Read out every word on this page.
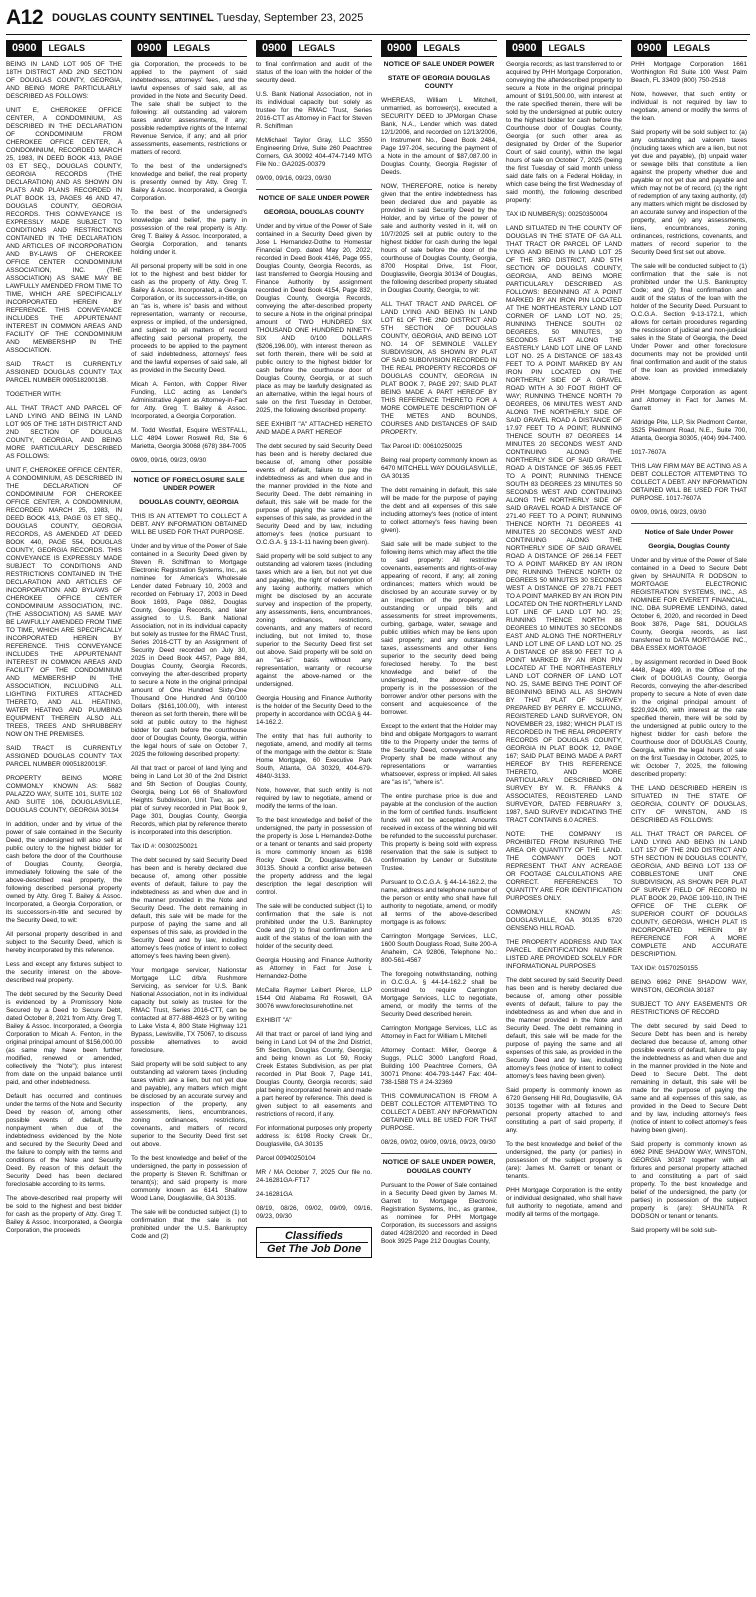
A12 DOUGLAS COUNTY SENTINEL Tuesday, September 23, 2025
0900	LEGALS

BEING IN LAND LOT 905 OF THE 18TH DISTRICT AND 2ND SECTION OF DOUGLAS COUNTY, GEORGIA, AND BEING MORE PARTICULARLY DESCRIBED AS FOLLOWS:

UNIT E, CHEROKEE OFFICE CENTER, A CONDOMINIUM, AS DESCRIBED IN THE DECLARATION OF CONDOMINIUM FROM CHEROKEE OFFICE CENTER, A CONDOMINIUM, RECORDED MARCH 25, 1983, IN DEED BOOK 413, PAGE 03 ET SEQ., DOUGLAS COUNTY, GEORGIA RECORDS (THE DECLARATION) AND AS SHOWN ON PLATS AND PLANS RECORDED IN PLAT BOOK 13, PAGES 46 AND 47, DOUGLAS COUNTY, GEORGIA RECORDS. THIS CONVEYANCE IS EXPRESSLY MADE SUBJECT TO CONDITIONS AND RESTRICTIONS CONTAINED IN THE DECLARATION AND ARTICLES OF INCORPORATION AND BY-LAWS OF CHEROKEE OFFICE CENTER CONDOMINIUM ASSOCIATION, INC. (THE ASSOCIATION) AS SAME MAY BE LAWFULLY AMENDED FROM TIME TO TIME, WHICH ARE SPECIFICALLY INCORPORATED HEREIN BY REFERENCE. THIS CONVEYANCE INCLUDES THE APPURTENANT INTEREST IN COMMON AREAS AND FACILITY OF THE CONDOMINIUM AND MEMBERSHIP IN THE ASSOCIATION.

SAID TRACT IS CURRENTLY ASSIGNED DOUGLAS COUNTY TAX PARCEL NUMBER 09051820013B.

TOGETHER WITH:

ALL THAT TRACT AND PARCEL OF LAND LYING AND BEING IN LAND LOT 905 OF THE 18TH DISTRICT AND 2ND SECTION OF DOUGLAS COUNTY, GEORGIA, AND BEING MORE PARTICULARLY DESCRIBED AS FOLLOWS:

UNIT F, CHEROKEE OFFICE CENTER, A CONDOMINIUM, AS DESCRIBED IN THE DECLARATION OF CONDOMINIUM FOR CHEROKEE OFFICE CENTER, A CONDOMINIUM, RECORDED MARCH 25, 1983, IN DEED BOOK 413, PAGE 03 ET SEQ., DOUGLAS COUNTY, GEORGIA RECORDS, AS AMENDED AT DEED BOOK 440, PAGE 554, DOUGLAS COUNTY, GEORGIA RECORDS. THIS CONVEYANCE IS EXPRESSLY MADE SUBJECT TO CONDITIONS AND RESTRICTIONS CONTAINED IN THE DECLARATION AND ARTICLES OF INCORPORATION AND BYLAWS OF CHEROKEE OFFICE CENTER CONDOMINIUM ASSOCIATION, INC. (THE ASSOCIATION) AS SAME MAY BE LAWFULLY AMENDED FROM TIME TO TIME, WHICH ARE SPECIFICALLY INCORPORATED HEREIN BY REFERENCE. THIS CONVEYANCE INCLUDES THE APPURTENANT INTEREST IN COMMON AREAS AND FACILITY OF THE CONDOMINIUM AND MEMBERSHIP IN THE ASSOCIATION, INCLUDING ALL LIGHTING FIXTURES ATTACHED THERETO, AND ALL HEATING, WATER HEATING AND PLUMBING EQUIPMENT THEREIN ALSO ALL TREES, TREES AND SHRUBBERY NOW ON THE PREMISES.

SAID TRACT IS CURRENTLY ASSIGNED DOUGLAS COUNTY TAX PARCEL NUMBER 09051820013F.

PROPERTY BEING MORE COMMONLY KNOWN AS: 5682 PALAZZO WAY, SUITE 101, SUITE 102 AND SUITE 106, DOUGLASVILLE, DOUGLAS COUNTY, GEORGIA 30134

In addition, under and by virtue of the power of sale contained in the Security Deed, the undersigned will also sell at public outcry to the highest bidder for cash before the door of the Courthouse of Douglas County, Georgia, immediately following the sale of the above-described real property, the following described personal property owned by Atty. Greg T. Bailey & Assoc. Incorporated, a Georgia Corporation, or its successors-in-title and secured by the Security Deed, to wit:

All personal property described in and subject to the Security Deed, which is hereby incorporated by this reference.

Less and except any fixtures subject to the security interest on the above-described real property.

The debt secured by the Security Deed is evidenced by a Promissory Note Secured by a Deed to Secure Debt, dated October 8, 2021 from Atty. Greg T. Bailey & Assoc. Incorporated, a Georgia Corporation to Micah A. Fenton, in the original principal amount of $156,000.00 (as same may have been further modified, renewed or amended, collectively the "Note"); plus interest from date on the unpaid balance until paid, and other indebtedness.

Default has occurred and continues under the terms of the Note and Security Deed by reason of, among other possible events of default, the nonpayment when due of the indebtedness evidenced by the Note and secured by the Security Deed and the failure to comply with the terms and conditions of the Note and Security Deed. By reason of this default the Security Deed has been declared foreclosable according to its terms.

The above-described real property will be sold to the highest and best bidder for cash as the property of Atty. Greg T. Bailey & Assoc. Incorporated, a Georgia Corporation, the proceeds

0900	LEGALS

gia Corporation, the proceeds to be applied to the payment of said indebtedness, attorneys' fees, and the lawful expenses of said sale, all as provided in the Note and Security Deed. The sale shall be subject to the following: all outstanding ad valorem taxes and/or assessments, if any; possible redemptive rights of the Internal Revenue Service, if any; and all prior assessments, easements, restrictions or matters of record.

To the best of the undersigned's knowledge and belief, the real property is presently owned by Atty. Greg T. Bailey & Assoc. Incorporated, a Georgia Corporation.

To the best of the undersigned's knowledge and belief, the party in possession of the real property is Atty. Greg T. Bailey & Assoc. Incorporated, a Georgia Corporation, and tenants holding under it.

All personal property will be sold in one lot to the highest and best bidder for cash as the property of Atty. Greg T. Bailey & Assoc. Incorporated, a Georgia Corporation, or its successors-in-title, on an "as is, where is" basis and without representation, warranty or recourse, express or implied, of the undersigned, and subject to all matters of record affecting said personal property, the proceeds to be applied to the payment of said indebtedness, attorneys' fees and the lawful expenses of said sale, all as provided in the Security Deed.

Micah A. Fenton, with Copper River Funding, LLC acting as Lender's Administrative Agent as Attorney-in-Fact for Atty. Greg T. Bailey & Assoc. Incorporated, a Georgia Corporation.

M. Todd Westfall, Esquire WESTFALL, LLC 4894 Lower Roswell Rd, Ste 6 Marietta, Georgia 30068 (678) 384-7005

09/09, 09/16, 09/23, 09/30

NOTICE OF FORECLOSURE SALE UNDER POWER
DOUGLAS COUNTY, GEORGIA

THIS IS AN ATTEMPT TO COLLECT A DEBT. ANY INFORMATION OBTAINED WILL BE USED FOR THAT PURPOSE.

Under and by virtue of the Power of Sale contained in a Security Deed given by Steven R. Schiffman to Mortgage Electronic Registration Systems, Inc., as nominee for America's Wholesale Lender dated February 10, 2003 and recorded on February 17, 2003 in Deed Book 1693, Page 0862, Douglas County, Georgia Records, and later assigned to U.S. Bank National Association, not in its individual capacity but solely as trustee for the RMAC Trust, Series 2016-CTT by an Assignment of Security Deed recorded on July 30, 2025 in Deed Book 4457, Page 884, Douglas County, Georgia Records, conveying the after-described property to secure a Note in the original principal amount of One Hundred Sixty-One Thousand One Hundred And 00/100 Dollars ($161,100.00), with interest thereon as set forth therein, there will be sold at public outcry to the highest bidder for cash before the courthouse door of Douglas County, Georgia, within the legal hours of sale on October 7, 2025 the following described property:

All that tract or parcel of land lying and being in Land Lot 30 of the 2nd District and 5th Section of Douglas County, Georgia, being Lot 66 of Shallowford Heights Subdivision, Unit Two, as per plat of survey recorded in Plat Book 9, Page 301, Douglas County, Georgia Records, which plat by reference thereto is incorporated into this description.

Tax ID #: 00300250021

The debt secured by said Security Deed has been and is hereby declared due because of, among other possible events of default, failure to pay the indebtedness as and when due and in the manner provided in the Note and Security Deed. The debt remaining in default, this sale will be made for the purpose of paying the same and all expenses of this sale, as provided in the Security Deed and by law, including attorney's fees (notice of intent to collect attorney's fees having been given).

Your mortgage servicer, Nationstar Mortgage LLC d/b/a Rushmore Servicing, as servicer for U.S. Bank National Association, not in its individual capacity but solely as trustee for the RMAC Trust, Series 2016-CTT, can be contacted at 877-888-4623 or by writing to Lake Vista 4, 800 State Highway 121 Bypass, Lewisville, TX 75067, to discuss possible alternatives to avoid foreclosure.

Said property will be sold subject to any outstanding ad valorem taxes (including taxes which are a lien, but not yet due and payable), any matters which might be disclosed by an accurate survey and inspection of the property, any assessments, liens, encumbrances, zoning ordinances, restrictions, covenants, and matters of record superior to the Security Deed first set out above.

To the best knowledge and belief of the undersigned, the party in possession of the property is Steven R. Schiffman or tenant(s); and said property is more commonly known as 6141 Shallow Wood Lane, Douglasville, GA 30135.

The sale will be conducted subject (1) to confirmation that the sale is not prohibited under the U.S. Bankruptcy Code and (2)

0900	LEGALS

to final confirmation and audit of the status of the loan with the holder of the security deed.

U.S. Bank National Association, not in its individual capacity but solely as trustee for the RMAC Trust, Series 2016-CTT as Attorney in Fact for Steven R. Schiffman

McMichael Taylor Gray, LLC 3550 Engineering Drive, Suite 260 Peachtree Corners, GA 30092 404-474-7149 MTG File No.: GA2025-00379

09/09, 09/16, 09/23, 09/30

NOTICE OF SALE UNDER POWER
GEORGIA, DOUGLAS COUNTY

Under and by virtue of the Power of Sale contained in a Security Deed given by Jose L Hernandez-Dothe to Homestar Financial Corp. dated May 20, 2022, recorded in Deed Book 4146, Page 955, Douglas County, Georgia Records, as last transferred to Georgia Housing and Finance Authority by assignment recorded in Deed Book 4154, Page 832, Douglas County, Georgia Records, conveying the after-described property to secure a Note in the original principal amount of TWO HUNDRED SIX THOUSAND ONE HUNDRED NINETY-SIX AND 0/100 DOLLARS ($206,196.00), with interest thereon as set forth therein, there will be sold at public outcry to the highest bidder for cash before the courthouse door of Douglas County, Georgia, or at such place as may be lawfully designated as an alternative, within the legal hours of sale on the first Tuesday in October, 2025, the following described property:

SEE EXHIBIT "A" ATTACHED HERETO AND MADE A PART HEREOF

The debt secured by said Security Deed has been and is hereby declared due because of, among other possible events of default, failure to pay the indebtedness as and when due and in the manner provided in the Note and Security Deed. The debt remaining in default, this sale will be made for the purpose of paying the same and all expenses of this sale, as provided in the Security Deed and by law, including attorney's fees (notice pursuant to O.C.G.A. § 13-1-11 having been given).

Said property will be sold subject to any outstanding ad valorem taxes (including taxes which are a lien, but not yet due and payable), the right of redemption of any taxing authority, matters which might be disclosed by an accurate survey and inspection of the property, any assessments, liens, encumbrances, zoning ordinances, restrictions, covenants, and any matters of record including, but not limited to, those superior to the Security Deed first set out above. Said property will be sold on an "as-is" basis without any representation, warranty or recourse against the above-named or the undersigned.

Georgia Housing and Finance Authority is the holder of the Security Deed to the property in accordance with OCGA § 44-14-162.2.

The entity that has full authority to negotiate, amend, and modify all terms of the mortgage with the debtor is: State Home Mortgage, 60 Executive Park South, Atlanta, GA 30329, 404-679-4840/-3133.

Note, however, that such entity is not required by law to negotiate, amend or modify the terms of the loan.

To the best knowledge and belief of the undersigned, the party in possession of the property is Jose L Hernandez-Dothe or a tenant or tenants and said property is more commonly known as 6198 Rocky Creek Dr, Douglasville, GA 30135. Should a conflict arise between the property address and the legal description the legal description will control.

The sale will be conducted subject (1) to confirmation that the sale is not prohibited under the U.S. Bankruptcy Code and (2) to final confirmation and audit of the status of the loan with the holder of the security deed.

Georgia Housing and Finance Authority as Attorney in Fact for Jose L Hernandez-Dothe

McCalla Raymer Leibert Pierce, LLP 1544 Old Alabama Rd Roswell, GA 30076 www.foreclosurehotline.net

EXHIBIT "A"

All that tract or parcel of land lying and being in Land Lot 94 of the 2nd District, 5th Section, Douglas County, Georgia; and being known as Lot 59, Rocky Creek Estates Subdivision, as per plat recorded in Plat Book 7, Page 141, Douglas County, Georgia records; said plat being incorporated herein and made a part hereof by reference. This deed is given subject to all easements and restrictions of record, if any.

For informational purposes only property address is: 6198 Rocky Creek Dr., Douglasville, GA 30135

Parcel 00940250104

MR / MA October 7, 2025 Our file no. 24-16281GA-FT17

24-16281GA

08/19, 08/26, 09/02, 09/09, 09/16, 09/23, 09/30

Classifieds
Get The Job Done
0900	LEGALS
NOTICE OF SALE UNDER POWER
STATE OF GEORGIA DOUGLAS COUNTY

WHEREAS, William L Mitchell, unmarried, as borrower(s), executed a SECURITY DEED to JPMorgan Chase Bank, N.A., Lender which was dated 12/1/2006, and recorded on 12/13/2006, in Instrument No., Deed Book 2484, Page 197-204, securing the payment of a Note in the amount of $87,087.00 in Douglas County, Georgia Register of Deeds.

NOW, THEREFORE, notice is hereby given that the entire indebtedness has been declared due and payable as provided in said Security Deed by the Holder, and by virtue of the power of sale and authority vested in it, will on 10/7/2025 sell at public outcry to the highest bidder for cash during the legal hours of sale before the door of the courthouse of Douglas County, Georgia, 8700 Hospital Drive, 1st Floor, Douglasville, Georgia 30134 of Douglas, the following described property situated in Douglas County, Georgia, to wit:

ALL THAT TRACT AND PARCEL OF LAND LYING AND BEING IN LAND LOT 61 OF THE 2ND DISTRICT AND 5TH SECTION OF DOUGLAS COUNTY, GEORGIA, AND BEING LOT NO. 14 OF SEMINOLE VALLEY SUBDIVISION, AS SHOWN BY PLAT OF SAID SUBDIVISION RECORDED IN THE REAL PROPERTY RECORDS OF DOUGLAS COUNTY, GEORGIA IN PLAT BOOK 7, PAGE 297; SAID PLAT BEING MADE A PART HEREOF BY THIS REFERENCE THERETO FOR A MORE COMPLETE DESCRIPTION OF THE METES AND BOUNDS, COURSES AND DISTANCES OF SAID PROPERTY.

Tax Parcel ID: 00610250025

Being real property commonly known as 6470 MITCHELL WAY DOUGLASVILLE, GA 30135

The debt remaining in default, this sale will be made for the purpose of paying the debt and all expenses of this sale including attorney's fees (notice of intent to collect attorney's fees having been given).

Said sale will be made subject to the following items which may affect the title to said property: All restrictive covenants, easements and rights-of-way appearing of record, if any; all zoning ordinances; matters which would be disclosed by an accurate survey or by an inspection of the property; all outstanding or unpaid bills and assessments for street improvements, curbing, garbage, water, sewage and public utilities which may be liens upon said property; and any outstanding taxes, assessments and other liens superior to the security deed being foreclosed hereby. To the best knowledge and belief of the undersigned, the above-described property is in the possession of the borrower and/or other persons with the consent and acquiescence of the borrower.

Except to the extent that the Holder may bind and obligate Mortgagors to warrant title to the Property under the terms of the Security Deed, conveyance of the Property shall be made without any representations or warranties whatsoever, express or implied. All sales are "as is", "where is".

The entire purchase price is due and payable at the conclusion of the auction in the form of certified funds. Insufficient funds will not be accepted. Amounts received in excess of the winning bid will be refunded to the successful purchaser. This property is being sold with express reservation that the sale is subject to confirmation by Lender or Substitute Trustee.

Pursuant to O.C.G.A. § 44-14-162.2, the name, address and telephone number of the person or entity who shall have full authority to negotiate, amend, or modify all terms of the above-described mortgage is as follows:

Carrington Mortgage Services, LLC, 1600 South Douglass Road, Suite 200-A Anaheim, CA 92806, Telephone No.: 800-561-4567

The foregoing notwithstanding, nothing in O.C.G.A. § 44-14-162.2 shall be construed to require Carrington Mortgage Services, LLC to negotiate, amend, or modify the terms of the Security Deed described herein.

Carrington Mortgage Services, LLC as Attorney in Fact for William L Mitchell

Attorney Contact: Miller, George & Suggs, PLLC 3000 Langford Road, Building 100 Peachtree Corners, GA 30071 Phone: 404-793-1447 Fax: 404-738-1588 TS # 24-32369

THIS COMMUNICATION IS FROM A DEBT COLLECTOR ATTEMPTING TO COLLECT A DEBT. ANY INFORMATION OBTAINED WILL BE USED FOR THAT PURPOSE.

08/26, 09/02, 09/09, 09/16, 09/23, 09/30

NOTICE OF SALE UNDER POWER, DOUGLAS COUNTY

Pursuant to the Power of Sale contained in a Security Deed given by James M. Garrett to Mortgage Electronic Registration Systems, Inc., as grantee, as nominee for PHH Mortgage Corporation, its successors and assigns dated 4/28/2020 and recorded in Deed Book 3925 Page 212 Douglas County,

0900	LEGALS

Georgia records; as last transferred to or acquired by PHH Mortgage Corporation, conveying the afterdescribed property to secure a Note in the original principal amount of $191,500.00, with interest at the rate specified therein, there will be sold by the undersigned at public outcry to the highest bidder for cash before the Courthouse door of Douglas County, Georgia (or such other area as designated by Order of the Superior Court of said county), within the legal hours of sale on October 7, 2025 (being the first Tuesday of said month unless said date falls on a Federal Holiday, in which case being the first Wednesday of said month), the following described property:

TAX ID NUMBER(S): 00250350004

LAND SITUATED IN THE COUNTY OF DOUGLAS IN THE STATE OF GA ALL THAT TRACT OR PARCEL OF LAND LYING AND BEING IN LAND LOT 25 OF THE 3RD DISTRICT, AND 5TH SECTION OF DOUGLAS COUNTY, GEORGIA, AND BEING MORE PARTICULARLY DESCRIBED AS FOLLOWS: BEGINNING AT A POINT MARKED BY AN IRON PIN LOCATED AT THE NORTHEASTERLY LAND LOT CORNER OF LAND LOT NO. 25; RUNNING THENCE SOUTH 02 DEGREES, 50 MINUTES, 30 SECONDS EAST ALONG THE EASTERLY LAND LOT LINE OF LAND LOT NO. 25 A DISTANCE OF 183.43 FEET TO A POINT MARKED BY AN IRON PIN LOCATED ON THE NORTHERLY SIDE OF A GRAVEL ROAD WITH A 30 FOOT RIGHT OF WAY; RUNNING THENCE NORTH 79 DEGREES, 06 MINUTES WEST AND ALONG THE NORTHERLY SIDE OF SAID GRAVEL ROAD A DISTANCE OF 17.97 FEET TO A POINT; RUNNING THENCE SOUTH 87 DEGREES 14 MINUTES 20 SECONDS WEST AND CONTINUING ALONG THE NORTHERLY SIDE OF SAID GRAVEL ROAD A DISTANCE OF 365.95 FEET TO A POINT; RUNNING THENCE SOUTH 83 DEGREES 23 MINUTES 50 SECONDS WEST AND CONTINUING ALONG THE NORTHERLY SIDE OF SAID GRAVEL ROAD A DISTANCE OF 271.40 FEET TO A POINT; RUNNING THENCE NORTH 71 DEGREES 41 MINUTES 20 SECONDS WEST AND CONTINUING ALONG THE NORTHERLY SIDE OF SAID GRAVEL ROAD A DISTANCE OF 266.14 FEET TO A POINT MARKED BY AN IRON PIN; RUNNING THENCE NORTH 02 DEGREES 50 MINUTES 30 SECONDS WEST A DISTANCE OF 278.71 FEET TO A POINT MARKED BY AN IRON PIN LOCATED ON THE NORTHERLY LAND LOT LINE OF LAND LOT NO. 25; RUNNING THENCE NORTH 88 DEGREES 10 MINUTES 30 SECONDS EAST AND ALONG THE NORTHERLY LAND LOT LINE OF LAND LOT NO. 25 A DISTANCE OF 858.90 FEET TO A POINT MARKED BY AN IRON PIN LOCATED AT THE NORTHEASTERLY LAND LOT CORNER OF LAND LOT NO. 25, SAME BEING THE POINT OF BEGINNING BEING ALL AS SHOWN BY THAT PLAT OF SURVEY PREPARED BY PERRY E. MCCLUNG, REGISTERED LAND SURVEYOR, ON NOVEMBER 23, 1982; WHICH PLAT IS RECORDED IN THE REAL PROPERTY RECORDS OF DOUGLAS COUNTY, GEORGIA IN PLAT BOOK 12, PAGE 167; SAID PLAT BEING MADE A PART HEREOF BY THIS REFERENCE THERETO, AND MORE PARTICULARLY DESCRIBED ON SURVEY BY W. R. FRANKS & ASSOCIATES, REGISTERED LAND SURVEYOR, DATED FEBRUARY 3, 1987, SAID SURVEY INDICATING THE TRACT CONTAINS 6.0 ACRES.

NOTE: THE COMPANY IS PROHIBITED FROM INSURING THE AREA OR QUANTITY OF THE LAND. THE COMPANY DOES NOT REPRESENT THAT ANY ACREAGE OR FOOTAGE CALCULATIONS ARE CORRECT. REFERENCES TO QUANTITY ARE FOR IDENTIFICATION PURPOSES ONLY.

COMMONLY KNOWN AS: DOUGLASVILLE, GA 30135 6720 GENSENG HILL ROAD.

THE PROPERTY ADDRESS AND TAX PARCEL IDENTIFICATION NUMBER LISTED ARE PROVIDED SOLELY FOR INFORMATIONAL PURPOSES

The debt secured by said Security Deed has been and is hereby declared due because of, among other possible events of default, failure to pay the indebtedness as and when due and in the manner provided in the Note and Security Deed. The debt remaining in default, this sale will be made for the purpose of paying the same and all expenses of this sale, as provided in the Security Deed and by law, including attorney's fees (notice of intent to collect attorney's fees having been given).

Said property is commonly known as 6720 Genseng Hill Rd, Douglasville, GA 30135 together with all fixtures and personal property attached to and constituting a part of said property, if any.

To the best knowledge and belief of the undersigned, the party (or parties) in possession of the subject property is (are): James M. Garrett or tenant or tenants.

PHH Mortgage Corporation is the entity or individual designated, who shall have full authority to negotiate, amend and modify all terms of the mortgage.

0900	LEGALS

PHH Mortgage Corporation 1661 Worthington Rd Suite 100 West Palm Beach, FL 33409 (800) 750-2518

Note, however, that such entity or individual is not required by law to negotiate, amend or modify the terms of the loan.

Said property will be sold subject to: (a) any outstanding ad valorem taxes (including taxes which are a lien, but not yet due and payable), (b) unpaid water or sewage bills that constitute a lien against the property whether due and payable or not yet due and payable and which may not be of record, (c) the right of redemption of any taxing authority, (d) any matters which might be disclosed by an accurate survey and inspection of the property, and (e) any assessments, liens, encumbrances, zoning ordinances, restrictions, covenants, and matters of record superior to the Security Deed first set out above.

The sale will be conducted subject to (1) confirmation that the sale is not prohibited under the U.S. Bankruptcy Code; and (2) final confirmation and audit of the status of the loan with the holder of the Security Deed. Pursuant to O.C.G.A. Section 9-13-172.1, which allows for certain procedures regarding the rescission of judicial and non-judicial sales in the State of Georgia, the Deed Under Power and other foreclosure documents may not be provided until final confirmation and audit of the status of the loan as provided immediately above.

PHH Mortgage Corporation as agent and Attorney in Fact for James M. Garrett

Aldridge Pite, LLP, Six Piedmont Center, 3525 Piedmont Road, N.E., Suite 700, Atlanta, Georgia 30305, (404) 994-7400.

1017-7607A

THIS LAW FIRM MAY BE ACTING AS A DEBT COLLECTOR ATTEMPTING TO COLLECT A DEBT. ANY INFORMATION OBTAINED WILL BE USED FOR THAT PURPOSE. 1017-7607A

09/09, 09/16, 09/23, 09/30

Notice of Sale Under Power
Georgia, Douglas County

Under and by virtue of the Power of Sale contained in a Deed to Secure Debt given by SHAUNITA R DODSON to MORTGAGE ELECTRONIC REGISTRATION SYSTEMS, INC., AS NOMINEE FOR EVERETT FINANCIAL, INC. DBA SUPREME LENDING, dated October 6, 2020, and recorded in Deed Book 3876, Page 581, DOUGLAS County, Georgia records, as last transferred to DATA MORTGAGE INC., DBA ESSEX MORTGAGE

, by assignment recorded in Deed Book 4448, Page 499, in the Office of the Clerk of DOUGLAS County, Georgia Records, conveying the after-described property to secure a Note of even date in the original principal amount of $220,924.00, with interest at the rate specified therein, there will be sold by the undersigned at public outcry to the highest bidder for cash before the Courthouse door of DOUGLAS County, Georgia, within the legal hours of sale on the first Tuesday in October, 2025, to wit: October 7, 2025, the following described property:

THE LAND DESCRIBED HEREIN IS SITUATED IN THE STATE OF GEORGIA, COUNTY OF DOUGLAS, CITY OF WINSTON, AND IS DESCRIBED AS FOLLOWS:

ALL THAT TRACT OR PARCEL OF LAND LYING AND BEING IN LAND LOT 157 OF THE 2ND DISTRICT AND 5TH SECTION IN DOUGLAS COUNTY, GEORGIA, AND BEING LOT 133 OF COBBLESTONE UNIT ONE SUBDIVISION, AS SHOWN PER PLAT OF SURVEY FIELD OF RECORD IN PLAT BOOK 29, PAGE 109-110, IN THE OFFICE OF THE CLERK OF SUPERIOR COURT OF DOUGLAS COUNTY, GEORGIA, WHICH PLAT IS INCORPORATED HEREIN BY REFERENCE FOR A MORE COMPLETE AND ACCURATE DESCRIPTION.

TAX ID#: 01570250155

BEING 6962 PINE SHADOW WAY, WINSTON, GEORGIA 30187

SUBJECT TO ANY EASEMENTS OR RESTRICTIONS OF RECORD

The debt secured by said Deed to Secure Debt has been and is hereby declared due because of, among other possible events of default, failure to pay the indebtedness as and when due and in the manner provided in the Note and Deed to Secure Debt. The debt remaining in default, this sale will be made for the purpose of paying the same and all expenses of this sale, as provided in the Deed to Secure Debt and by law, including attorney's fees (notice of intent to collect attorney's fees having been given).

Said property is commonly known as 6962 PINE SHADOW WAY, WINSTON, GEORGIA 30187 together with all fixtures and personal property attached to and constituting a part of said property. To the best knowledge and belief of the undersigned, the party (or parties) in possession of the subject property is (are): SHAUNITA R DODSON or tenant or tenants.

Said property will be sold sub-
